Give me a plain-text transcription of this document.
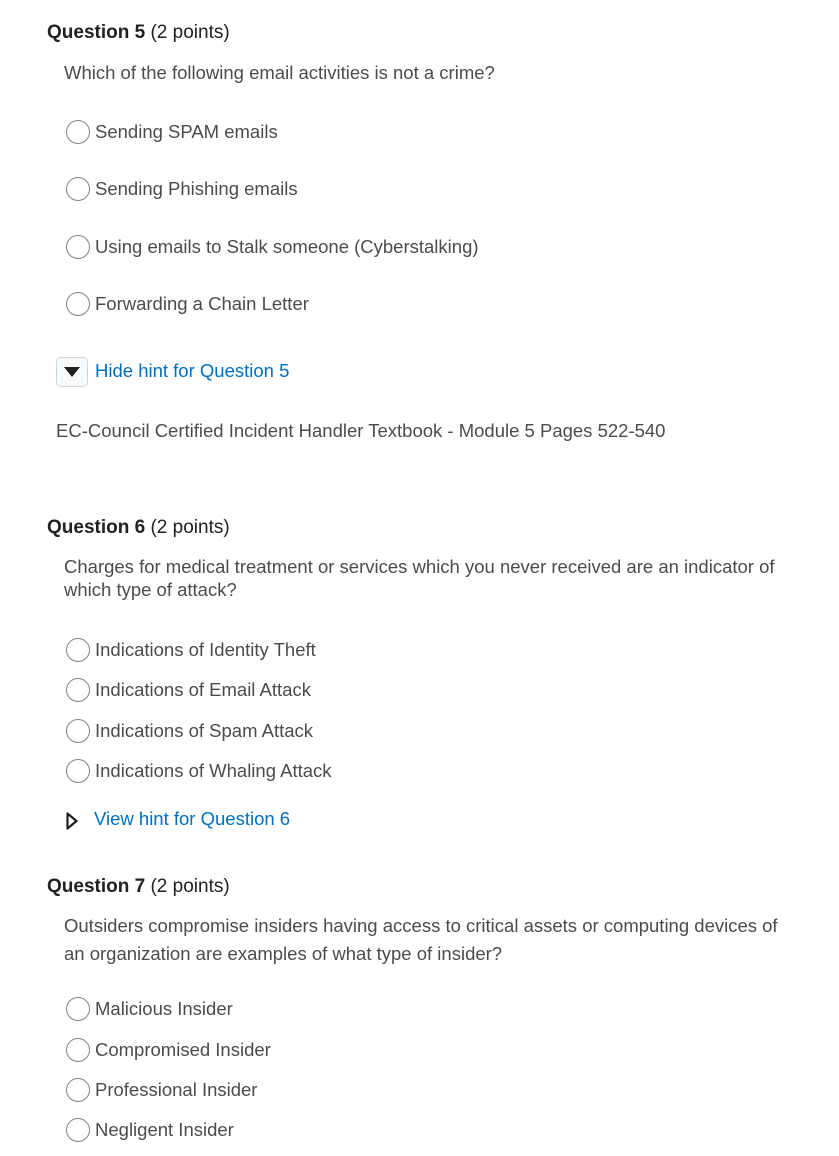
Question 5 (2 points)
Which of the following email activities is not a crime?
Sending SPAM emails
Sending Phishing emails
Using emails to Stalk someone (Cyberstalking)
Forwarding a Chain Letter
Hide hint for Question 5
EC-Council Certified Incident Handler Textbook - Module 5 Pages 522-540
Question 6 (2 points)
Charges for medical treatment or services which you never received are an indicator of which type of attack?
Indications of Identity Theft
Indications of Email Attack
Indications of Spam Attack
Indications of Whaling Attack
View hint for Question 6
Question 7 (2 points)
Outsiders compromise insiders having access to critical assets or computing devices of an organization are examples of what type of insider?
Malicious Insider
Compromised Insider
Professional Insider
Negligent Insider
